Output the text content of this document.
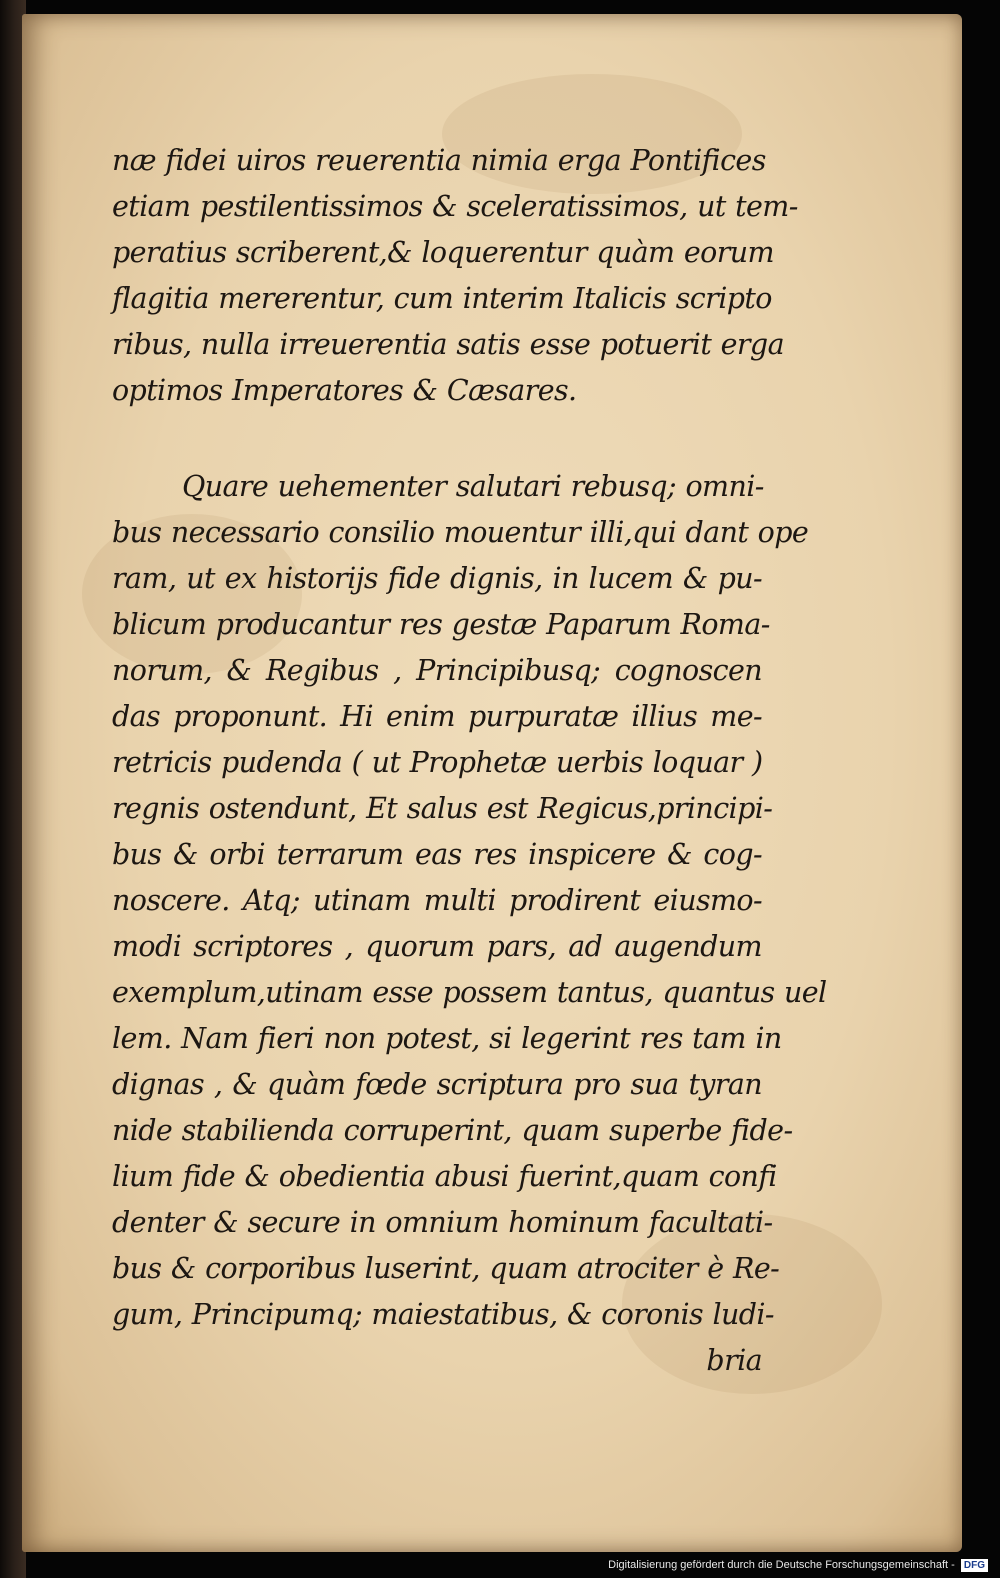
næ fidei uiros reuerentia nimia erga Pontifices
etiam pestilentissimos & sceleratissimos, ut tem-
peratius scriberent,& loquerentur quàm eorum
flagitia mererentur, cum interim Italicis scripto
ribus, nulla irreuerentia satis esse potuerit erga
optimos Imperatores & Cæsares.
Quare uehementer salutari rebusq; omni-
bus necessario consilio mouentur illi,qui dant ope
ram, ut ex historijs fide dignis, in lucem & pu-
blicum producantur res gestæ Paparum Roma-
norum, & Regibus , Principibusq; cognoscen
das proponunt. Hi enim purpuratæ illius me-
retricis pudenda ( ut Prophetæ uerbis loquar )
regnis ostendunt, Et salus est Regicus,principi-
bus & orbi terrarum eas res inspicere & cog-
noscere. Atq; utinam multi prodirent eiusmo-
modi scriptores , quorum pars, ad augendum
exemplum,utinam esse possem tantus, quantus uel
lem. Nam fieri non potest, si legerint res tam in
dignas , & quàm fœde scriptura pro sua tyran
nide stabilienda corruperint, quam superbe fide-
lium fide & obedientia abusi fuerint,quam confi
denter & secure in omnium hominum facultati-
bus & corporibus luserint, quam atrociter è Re-
gum, Principumq; maiestatibus, & coronis ludi-
bria
Digitalisierung gefördert durch die Deutsche Forschungsgemeinschaft - DFG
